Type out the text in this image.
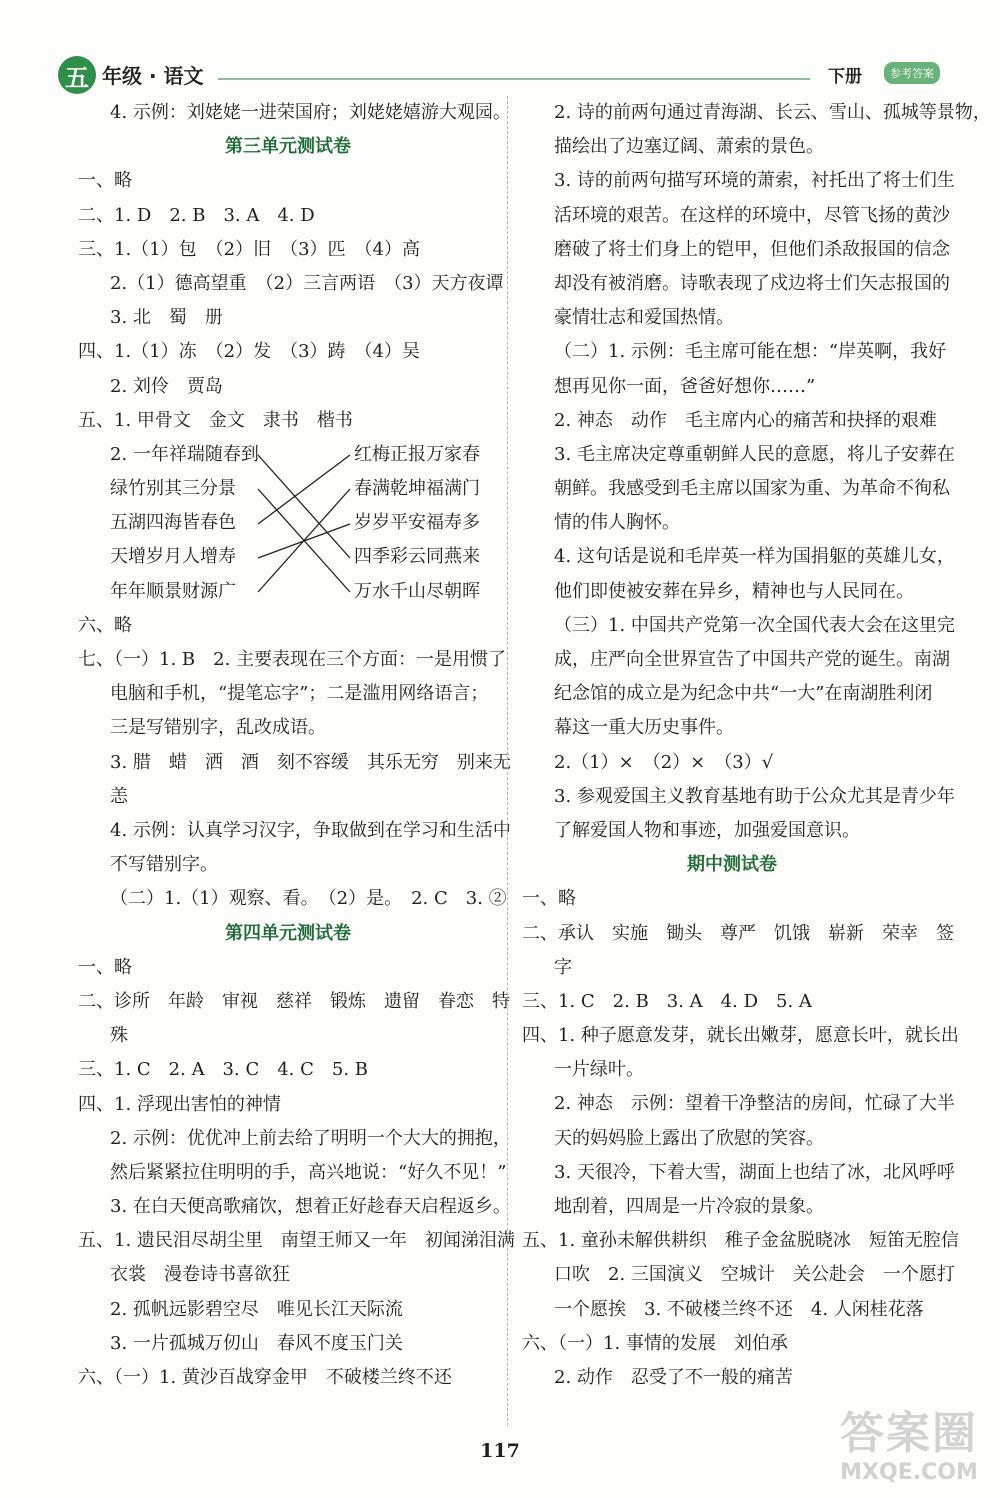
五 年级 · 语文	下册	参考答案
4. 示例：刘姥姥一进荣国府；刘姥姥嬉游大观园。
第三单元测试卷
一、略
二、1. D　2. B　3. A　4. D
三、1.（1）包　（2）旧　（3）匹　（4）高
2.（1）德高望重　（2）三言两语　（3）天方夜谭
3. 北　蜀　册
四、1.（1）冻　（2）发　（3）踌　（4）吴
2. 刘伶　贾岛
五、1. 甲骨文　金文　隶书　楷书
2. 一年祥瑞随春到
绿竹别其三分景
五湖四海皆春色
天增岁月人增寿
年年顺景财源广
红梅正报万家春
春满乾坤福满门
岁岁平安福寿多
四季彩云同燕来
万水千山尽朝晖
六、略
七、（一）1. B　2. 主要表现在三个方面：一是用惯了
电脑和手机，“提笔忘字”；二是滥用网络语言；
三是写错别字，乱改成语。
3. 腊　蜡　洒　酒　刻不容缓　其乐无穷　别来无
恙
4. 示例：认真学习汉字，争取做到在学习和生活中
不写错别字。
（二）1.（1）观察、看。　（2）是。　2. C　3. ②
第四单元测试卷
一、略
二、诊所　年龄　审视　慈祥　锻炼　遗留　眷恋　特
殊
三、1. C　2. A　3. C　4. C　5. B
四、1. 浮现出害怕的神情
2. 示例：优优冲上前去给了明明一个大大的拥抱，
然后紧紧拉住明明的手，高兴地说：“好久不见！”
3. 在白天便高歌痛饮，想着正好趁春天启程返乡。
五、1. 遗民泪尽胡尘里　南望王师又一年　初闻涕泪满
衣裳　漫卷诗书喜欲狂
2. 孤帆远影碧空尽　唯见长江天际流
3. 一片孤城万仞山　春风不度玉门关
六、（一）1. 黄沙百战穿金甲　不破楼兰终不还
2. 诗的前两句通过青海湖、长云、雪山、孤城等景物，
描绘出了边塞辽阔、萧索的景色。
3. 诗的前两句描写环境的萧索，衬托出了将士们生
活环境的艰苦。在这样的环境中，尽管飞扬的黄沙
磨破了将士们身上的铠甲，但他们杀敌报国的信念
却没有被消磨。诗歌表现了戍边将士们矢志报国的
豪情壮志和爱国热情。
（二）1. 示例：毛主席可能在想：“岸英啊，我好
想再见你一面，爸爸好想你……”
2. 神态　动作　毛主席内心的痛苦和抉择的艰难
3. 毛主席决定尊重朝鲜人民的意愿，将儿子安葬在
朝鲜。我感受到毛主席以国家为重、为革命不徇私
情的伟人胸怀。
4. 这句话是说和毛岸英一样为国捐躯的英雄儿女，
他们即使被安葬在异乡，精神也与人民同在。
（三）1. 中国共产党第一次全国代表大会在这里完
成，庄严向全世界宣告了中国共产党的诞生。南湖
纪念馆的成立是为纪念中共“一大”在南湖胜利闭
幕这一重大历史事件。
2.（1）×　（2）×　（3）√
3. 参观爱国主义教育基地有助于公众尤其是青少年
了解爱国人物和事迹，加强爱国意识。
期中测试卷
一、略
二、承认　实施　锄头　尊严　饥饿　崭新　荣幸　签
字
三、1. C　2. B　3. A　4. D　5. A
四、1. 种子愿意发芽，就长出嫩芽，愿意长叶，就长出
一片绿叶。
2. 神态　示例：望着干净整洁的房间，忙碌了大半
天的妈妈脸上露出了欣慰的笑容。
3. 天很冷，下着大雪，湖面上也结了冰，北风呼呼
地刮着，四周是一片冷寂的景象。
五、1. 童孙未解供耕织　稚子金盆脱晓冰　短笛无腔信
口吹　2. 三国演义　空城计　关公赴会　一个愿打
一个愿挨　3. 不破楼兰终不还　4. 人闲桂花落
六、（一）1. 事情的发展　刘伯承
2. 动作　忍受了不一般的痛苦
117	答案圈
MXQE.COM
